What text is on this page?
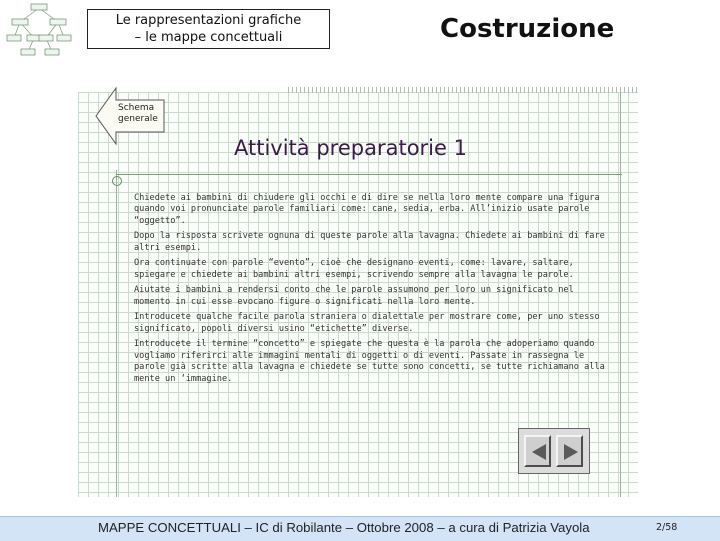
Le rappresentazioni grafiche
– le mappe concettuali	Costruzione
Schema
generale
Attività preparatorie 1

Chiedete ai bambini di chiudere gli occhi e di dire se nella loro mente compare una figura quando voi pronunciate parole familiari come: cane, sedia, erba. All’inizio usate parole “oggetto”.

Dopo la risposta scrivete ognuna di queste parole alla lavagna. Chiedete ai bambini di fare altri esempi.

Ora continuate con parole “evento”, cioè che designano eventi, come: lavare, saltare, spiegare e chiedete ai bambini altri esempi, scrivendo sempre alla lavagna le parole.

Aiutate i bambini a rendersi conto che le parole assumono per loro un significato nel momento in cui esse evocano figure o significati nella loro mente.

Introducete qualche facile parola straniera o dialettale per mostrare come, per uno stesso significato, popoli diversi usino “etichette” diverse.

Introducete il termine “concetto” e spiegate che questa è la parola che adoperiamo quando vogliamo riferirci alle immagini mentali di oggetti o di eventi. Passate in rassegna le parole già scritte alla lavagna e chiedete se tutte sono concetti, se tutte richiamano alla mente un ‘immagine.

MAPPE CONCETTUALI – IC di Robilante – Ottobre 2008 – a cura di Patrizia Vayola	2/58
